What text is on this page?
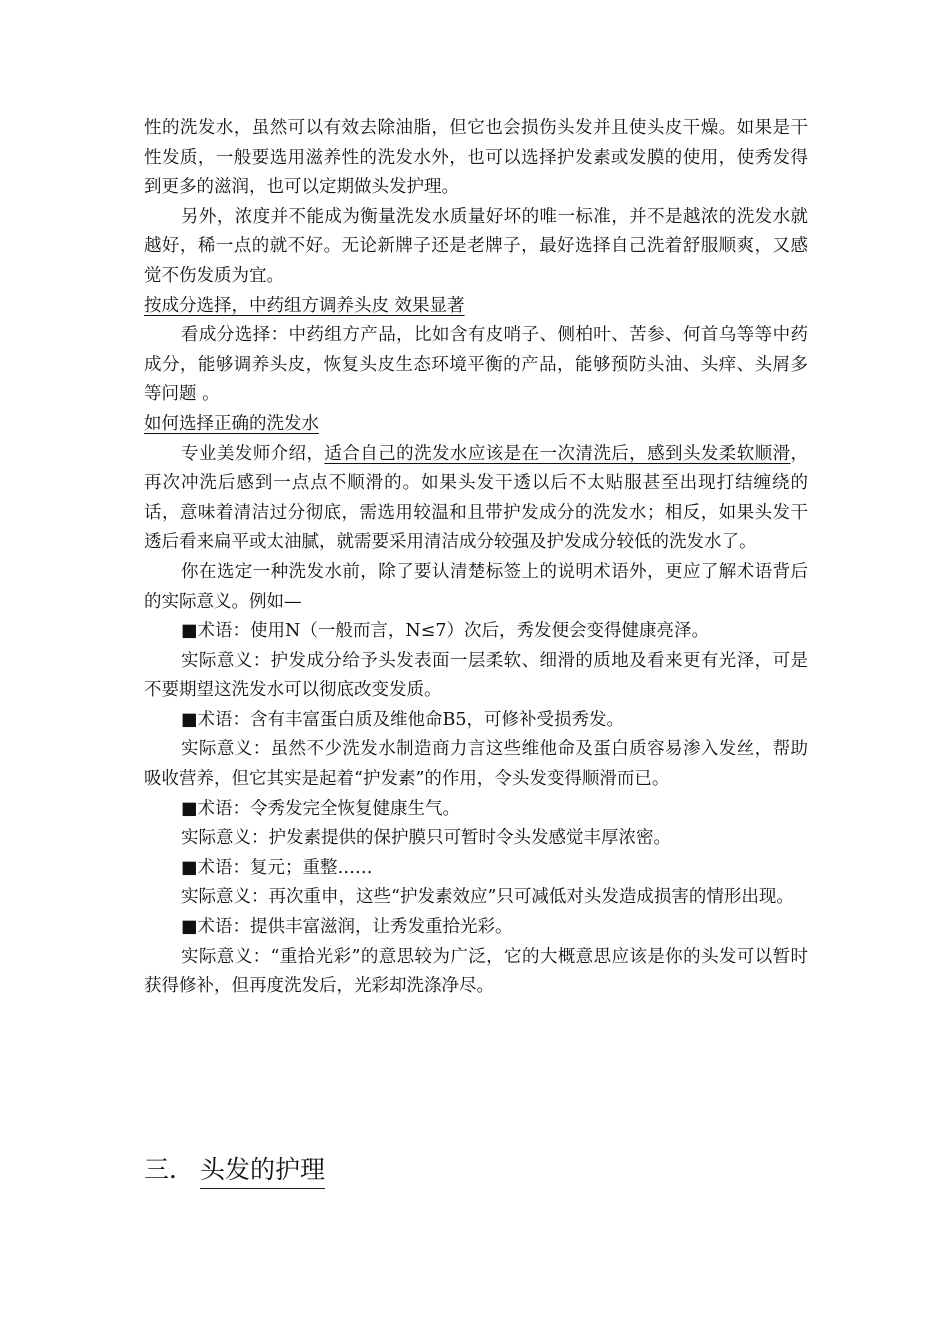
性的洗发水，虽然可以有效去除油脂，但它也会损伤头发并且使头皮干燥。如果是干性发质，一般要选用滋养性的洗发水外，也可以选择护发素或发膜的使用，使秀发得到更多的滋润，也可以定期做头发护理。

另外，浓度并不能成为衡量洗发水质量好坏的唯一标准，并不是越浓的洗发水就越好，稀一点的就不好。无论新牌子还是老牌子，最好选择自己洗着舒服顺爽，又感觉不伤发质为宜。

按成分选择，中药组方调养头皮 效果显著

看成分选择：中药组方产品，比如含有皮哨子、侧柏叶、苦参、何首乌等等中药成分，能够调养头皮，恢复头皮生态环境平衡的产品，能够预防头油、头痒、头屑多等问题 。

如何选择正确的洗发水

专业美发师介绍，适合自己的洗发水应该是在一次清洗后，感到头发柔软顺滑，再次冲洗后感到一点点不顺滑的。如果头发干透以后不太贴服甚至出现打结缠绕的话，意味着清洁过分彻底，需选用较温和且带护发成分的洗发水；相反，如果头发干透后看来扁平或太油腻，就需要采用清洁成分较强及护发成分较低的洗发水了。

你在选定一种洗发水前，除了要认清楚标签上的说明术语外，更应了解术语背后的实际意义。例如—

■术语：使用N（一般而言，N≤7）次后，秀发便会变得健康亮泽。

实际意义：护发成分给予头发表面一层柔软、细滑的质地及看来更有光泽，可是不要期望这洗发水可以彻底改变发质。

■术语：含有丰富蛋白质及维他命B5，可修补受损秀发。

实际意义：虽然不少洗发水制造商力言这些维他命及蛋白质容易渗入发丝，帮助吸收营养，但它其实是起着“护发素”的作用，令头发变得顺滑而已。

■术语：令秀发完全恢复健康生气。

实际意义：护发素提供的保护膜只可暂时令头发感觉丰厚浓密。

■术语：复元；重整……

实际意义：再次重申，这些“护发素效应”只可减低对头发造成损害的情形出现。

■术语：提供丰富滋润，让秀发重拾光彩。

实际意义：“重拾光彩”的意思较为广泛，它的大概意思应该是你的头发可以暂时获得修补，但再度洗发后，光彩却洗涤净尽。

三． 头发的护理
